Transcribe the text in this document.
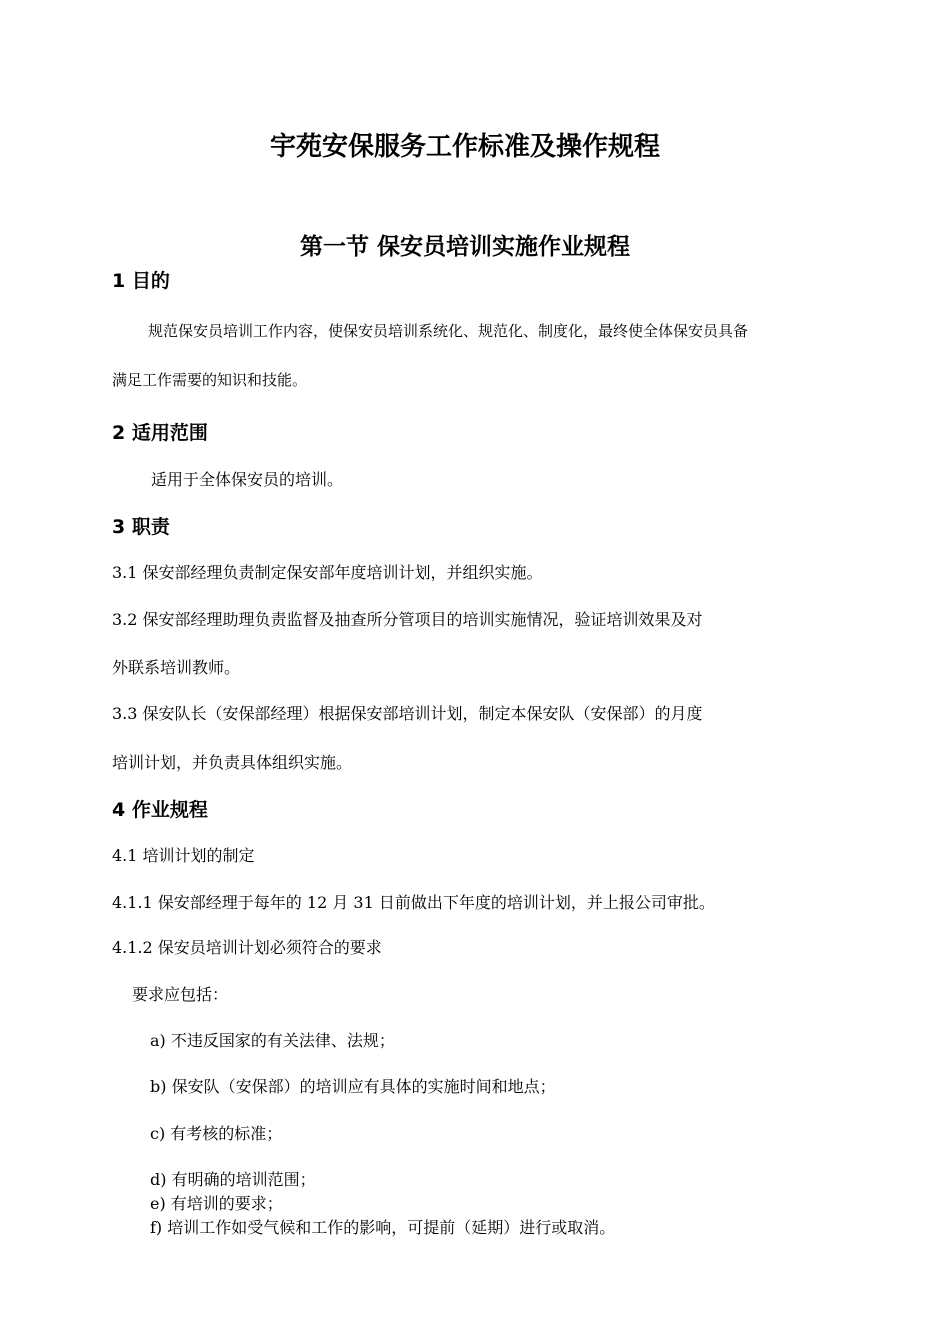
宇苑安保服务工作标准及操作规程
第一节 保安员培训实施作业规程
1 目的
规范保安员培训工作内容，使保安员培训系统化、规范化、制度化，最终使全体保安员具备
满足工作需要的知识和技能。
2 适用范围
适用于全体保安员的培训。
3 职责
3.1 保安部经理负责制定保安部年度培训计划，并组织实施。
3.2 保安部经理助理负责监督及抽查所分管项目的培训实施情况，验证培训效果及对
外联系培训教师。
3.3 保安队长（安保部经理）根据保安部培训计划，制定本保安队（安保部）的月度
培训计划，并负责具体组织实施。
4 作业规程
4.1 培训计划的制定
4.1.1 保安部经理于每年的 12 月 31 日前做出下年度的培训计划，并上报公司审批。
4.1.2 保安员培训计划必须符合的要求
要求应包括：
a) 不违反国家的有关法律、法规；
b) 保安队（安保部）的培训应有具体的实施时间和地点；
c) 有考核的标准；
d) 有明确的培训范围；
e) 有培训的要求；
f) 培训工作如受气候和工作的影响，可提前（延期）进行或取消。
